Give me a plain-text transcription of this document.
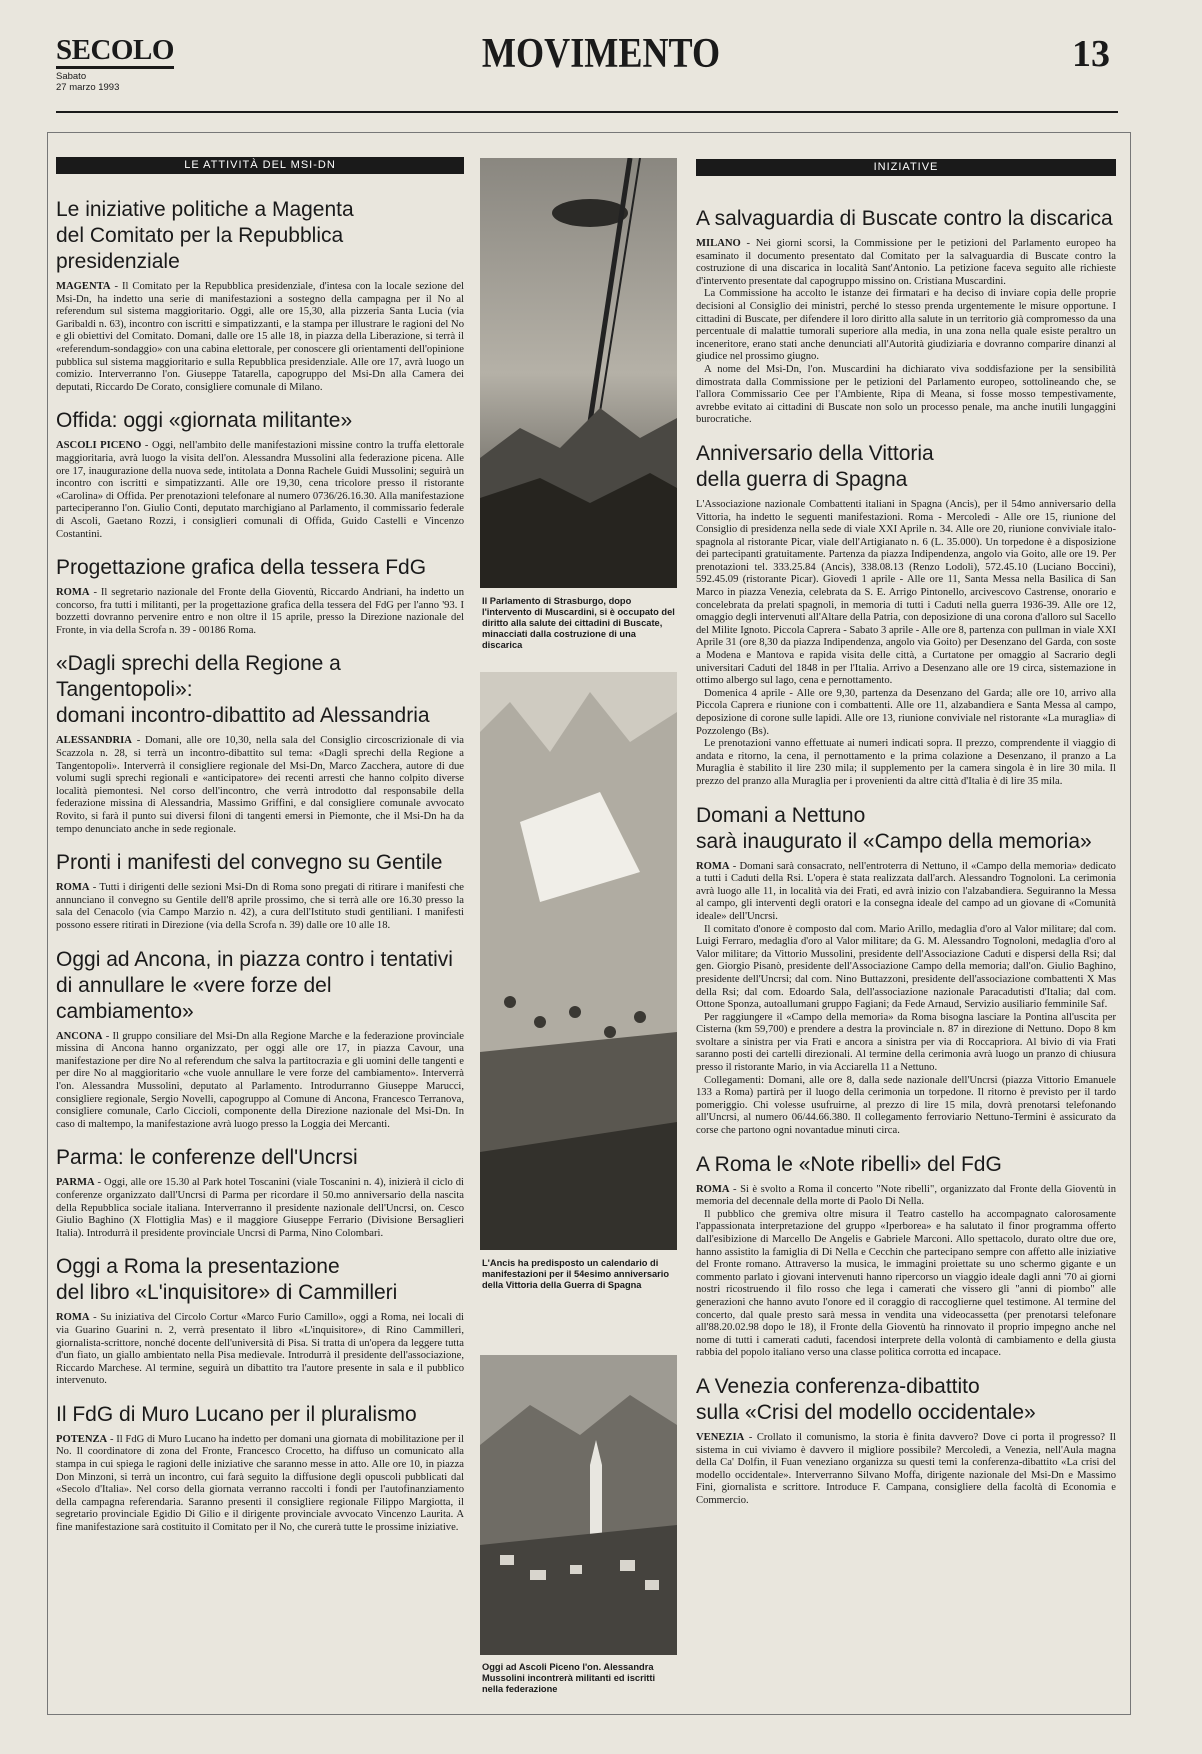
SECOLO
Sabato
27 marzo 1993
MOVIMENTO	13
LE ATTIVITÀ DEL MSI-DN
Le iniziative politiche a Magenta
del Comitato per la Repubblica presidenziale

MAGENTA - Il Comitato per la Repubblica presidenziale, d'intesa con la locale sezione del Msi-Dn, ha indetto una serie di manifestazioni a sostegno della campagna per il No al referendum sul sistema maggioritario. Oggi, alle ore 15,30, alla pizzeria Santa Lucia (via Garibaldi n. 63), incontro con iscritti e simpatizzanti, e la stampa per illustrare le ragioni del No e gli obiettivi del Comitato. Domani, dalle ore 15 alle 18, in piazza della Liberazione, si terrà il «referendum-sondaggio» con una cabina elettorale, per conoscere gli orientamenti dell'opinione pubblica sul sistema maggioritario e sulla Repubblica presidenziale. Alle ore 17, avrà luogo un comizio. Interverranno l'on. Giuseppe Tatarella, capogruppo del Msi-Dn alla Camera dei deputati, Riccardo De Corato, consigliere comunale di Milano.

Offida: oggi «giornata militante»

ASCOLI PICENO - Oggi, nell'ambito delle manifestazioni missine contro la truffa elettorale maggioritaria, avrà luogo la visita dell'on. Alessandra Mussolini alla federazione picena. Alle ore 17, inaugurazione della nuova sede, intitolata a Donna Rachele Guidi Mussolini; seguirà un incontro con iscritti e simpatizzanti. Alle ore 19,30, cena tricolore presso il ristorante «Carolina» di Offida. Per prenotazioni telefonare al numero 0736/26.16.30. Alla manifestazione parteciperanno l'on. Giulio Conti, deputato marchigiano al Parlamento, il commissario federale di Ascoli, Gaetano Rozzi, i consiglieri comunali di Offida, Guido Castelli e Vincenzo Costantini.

Progettazione grafica della tessera FdG

ROMA - Il segretario nazionale del Fronte della Gioventù, Riccardo Andriani, ha indetto un concorso, fra tutti i militanti, per la progettazione grafica della tessera del FdG per l'anno '93. I bozzetti dovranno pervenire entro e non oltre il 15 aprile, presso la Direzione nazionale del Fronte, in via della Scrofa n. 39 - 00186 Roma.

«Dagli sprechi della Regione a Tangentopoli»:
domani incontro-dibattito ad Alessandria

ALESSANDRIA - Domani, alle ore 10,30, nella sala del Consiglio circoscrizionale di via Scazzola n. 28, si terrà un incontro-dibattito sul tema: «Dagli sprechi della Regione a Tangentopoli». Interverrà il consigliere regionale del Msi-Dn, Marco Zacchera, autore di due volumi sugli sprechi regionali e «anticipatore» dei recenti arresti che hanno colpito diverse località piemontesi. Nel corso dell'incontro, che verrà introdotto dal responsabile della federazione missina di Alessandria, Massimo Griffini, e dal consigliere comunale avvocato Rovito, si farà il punto sui diversi filoni di tangenti emersi in Piemonte, che il Msi-Dn ha da tempo denunciato anche in sede regionale.

Pronti i manifesti del convegno su Gentile

ROMA - Tutti i dirigenti delle sezioni Msi-Dn di Roma sono pregati di ritirare i manifesti che annunciano il convegno su Gentile dell'8 aprile prossimo, che si terrà alle ore 16.30 presso la sala del Cenacolo (via Campo Marzio n. 42), a cura dell'Istituto studi gentiliani. I manifesti possono essere ritirati in Direzione (via della Scrofa n. 39) dalle ore 10 alle 18.

Oggi ad Ancona, in piazza contro i tentativi
di annullare le «vere forze del cambiamento»

ANCONA - Il gruppo consiliare del Msi-Dn alla Regione Marche e la federazione provinciale missina di Ancona hanno organizzato, per oggi alle ore 17, in piazza Cavour, una manifestazione per dire No al referendum che salva la partitocrazia e gli uomini delle tangenti e per dire No al maggioritario «che vuole annullare le vere forze del cambiamento». Interverrà l'on. Alessandra Mussolini, deputato al Parlamento. Introdurranno Giuseppe Marucci, consigliere regionale, Sergio Novelli, capogruppo al Comune di Ancona, Francesco Terranova, consigliere comunale, Carlo Ciccioli, componente della Direzione nazionale del Msi-Dn. In caso di maltempo, la manifestazione avrà luogo presso la Loggia dei Mercanti.

Parma: le conferenze dell'Uncrsi

PARMA - Oggi, alle ore 15.30 al Park hotel Toscanini (viale Toscanini n. 4), inizierà il ciclo di conferenze organizzato dall'Uncrsi di Parma per ricordare il 50.mo anniversario della nascita della Repubblica sociale italiana. Interverranno il presidente nazionale dell'Uncrsi, on. Cesco Giulio Baghino (X Flottiglia Mas) e il maggiore Giuseppe Ferrario (Divisione Bersaglieri Italia). Introdurrà il presidente provinciale Uncrsi di Parma, Nino Colombari.

Oggi a Roma la presentazione
del libro «L'inquisitore» di Cammilleri

ROMA - Su iniziativa del Circolo Cortur «Marco Furio Camillo», oggi a Roma, nei locali di via Guarino Guarini n. 2, verrà presentato il libro «L'inquisitore», di Rino Cammilleri, giornalista-scrittore, nonché docente dell'università di Pisa. Si tratta di un'opera da leggere tutta d'un fiato, un giallo ambientato nella Pisa medievale. Introdurrà il presidente dell'associazione, Riccardo Marchese. Al termine, seguirà un dibattito tra l'autore presente in sala e il pubblico intervenuto.

Il FdG di Muro Lucano per il pluralismo

POTENZA - Il FdG di Muro Lucano ha indetto per domani una giornata di mobilitazione per il No. Il coordinatore di zona del Fronte, Francesco Crocetto, ha diffuso un comunicato alla stampa in cui spiega le ragioni delle iniziative che saranno messe in atto. Alle ore 10, in piazza Don Minzoni, si terrà un incontro, cui farà seguito la diffusione degli opuscoli pubblicati dal «Secolo d'Italia». Nel corso della giornata verranno raccolti i fondi per l'autofinanziamento della campagna referendaria. Saranno presenti il consigliere regionale Filippo Margiotta, il segretario provinciale Egidio Di Gilio e il dirigente provinciale avvocato Vincenzo Laurita. A fine manifestazione sarà costituito il Comitato per il No, che curerà tutte le prossime iniziative.

Il Parlamento di Strasburgo, dopo l'intervento di Muscardini, si è occupato del diritto alla salute dei cittadini di Buscate, minacciati dalla costruzione di una discarica
L'Ancis ha predisposto un calendario di manifestazioni per il 54esimo anniversario della Vittoria della Guerra di Spagna
Oggi ad Ascoli Piceno l'on. Alessandra Mussolini incontrerà militanti ed iscritti nella federazione
INIZIATIVE
A salvaguardia di Buscate contro la discarica

MILANO - Nei giorni scorsi, la Commissione per le petizioni del Parlamento europeo ha esaminato il documento presentato dal Comitato per la salvaguardia di Buscate contro la costruzione di una discarica in località Sant'Antonio. La petizione faceva seguito alle richieste d'intervento presentate dal capogruppo missino on. Cristiana Muscardini.

La Commissione ha accolto le istanze dei firmatari e ha deciso di inviare copia delle proprie decisioni al Consiglio dei ministri, perché lo stesso prenda urgentemente le misure opportune. I cittadini di Buscate, per difendere il loro diritto alla salute in un territorio già compromesso da una percentuale di malattie tumorali superiore alla media, in una zona nella quale esiste peraltro un inceneritore, erano stati anche denunciati all'Autorità giudiziaria e dovranno comparire dinanzi al giudice nel prossimo giugno.

A nome del Msi-Dn, l'on. Muscardini ha dichiarato viva soddisfazione per la sensibilità dimostrata dalla Commissione per le petizioni del Parlamento europeo, sottolineando che, se l'allora Commissario Cee per l'Ambiente, Ripa di Meana, si fosse mosso tempestivamente, avrebbe evitato ai cittadini di Buscate non solo un processo penale, ma anche inutili lungaggini burocratiche.

Anniversario della Vittoria
della guerra di Spagna

L'Associazione nazionale Combattenti italiani in Spagna (Ancis), per il 54mo anniversario della Vittoria, ha indetto le seguenti manifestazioni. Roma - Mercoledì - Alle ore 15, riunione del Consiglio di presidenza nella sede di viale XXI Aprile n. 34. Alle ore 20, riunione conviviale italo-spagnola al ristorante Picar, viale dell'Artigianato n. 6 (L. 35.000). Un torpedone è a disposizione dei partecipanti gratuitamente. Partenza da piazza Indipendenza, angolo via Goito, alle ore 19. Per prenotazioni tel. 333.25.84 (Ancis), 338.08.13 (Renzo Lodoli), 572.45.10 (Luciano Boccini), 592.45.09 (ristorante Picar). Giovedì 1 aprile - Alle ore 11, Santa Messa nella Basilica di San Marco in piazza Venezia, celebrata da S. E. Arrigo Pintonello, arcivescovo Castrense, onorario e concelebrata da prelati spagnoli, in memoria di tutti i Caduti nella guerra 1936-39. Alle ore 12, omaggio degli intervenuti all'Altare della Patria, con deposizione di una corona d'alloro sul Sacello del Milite Ignoto. Piccola Caprera - Sabato 3 aprile - Alle ore 8, partenza con pullman in viale XXI Aprile 31 (ore 8,30 da piazza Indipendenza, angolo via Goito) per Desenzano del Garda, con soste a Modena e Mantova e rapida visita delle città, a Curtatone per omaggio al Sacrario degli universitari Caduti del 1848 in per l'Italia. Arrivo a Desenzano alle ore 19 circa, sistemazione in ottimo albergo sul lago, cena e pernottamento.

Domenica 4 aprile - Alle ore 9,30, partenza da Desenzano del Garda; alle ore 10, arrivo alla Piccola Caprera e riunione con i combattenti. Alle ore 11, alzabandiera e Santa Messa al campo, deposizione di corone sulle lapidi. Alle ore 13, riunione conviviale nel ristorante «La muraglia» di Pozzolengo (Bs).

Le prenotazioni vanno effettuate ai numeri indicati sopra. Il prezzo, comprendente il viaggio di andata e ritorno, la cena, il pernottamento e la prima colazione a Desenzano, il pranzo a La Muraglia è stabilito il lire 230 mila; il supplemento per la camera singola è in lire 30 mila. Il prezzo del pranzo alla Muraglia per i provenienti da altre città d'Italia è di lire 35 mila.

Domani a Nettuno
sarà inaugurato il «Campo della memoria»

ROMA - Domani sarà consacrato, nell'entroterra di Nettuno, il «Campo della memoria» dedicato a tutti i Caduti della Rsi. L'opera è stata realizzata dall'arch. Alessandro Tognoloni. La cerimonia avrà luogo alle 11, in località via dei Frati, ed avrà inizio con l'alzabandiera. Seguiranno la Messa al campo, gli interventi degli oratori e la consegna ideale del campo ad un giovane di «Comunità ideale» dell'Uncrsi.

Il comitato d'onore è composto dal com. Mario Arillo, medaglia d'oro al Valor militare; dal com. Luigi Ferraro, medaglia d'oro al Valor militare; da G. M. Alessandro Tognoloni, medaglia d'oro al Valor militare; da Vittorio Mussolini, presidente dell'Associazione Caduti e dispersi della Rsi; dal gen. Giorgio Pisanò, presidente dell'Associazione Campo della memoria; dall'on. Giulio Baghino, presidente dell'Uncrsi; dal com. Nino Buttazzoni, presidente dell'associazione combattenti X Mas della Rsi; dal com. Edoardo Sala, dell'associazione nazionale Paracadutisti d'Italia; dal com. Ottone Sponza, autoallumani gruppo Fagiani; da Fede Arnaud, Servizio ausiliario femminile Saf.

Per raggiungere il «Campo della memoria» da Roma bisogna lasciare la Pontina all'uscita per Cisterna (km 59,700) e prendere a destra la provinciale n. 87 in direzione di Nettuno. Dopo 8 km svoltare a sinistra per via Frati e ancora a sinistra per via di Roccapriora. Al bivio di via Frati saranno posti dei cartelli direzionali. Al termine della cerimonia avrà luogo un pranzo di chiusura presso il ristorante Mario, in via Acciarella 11 a Nettuno.

Collegamenti: Domani, alle ore 8, dalla sede nazionale dell'Uncrsi (piazza Vittorio Emanuele 133 a Roma) partirà per il luogo della cerimonia un torpedone. Il ritorno è previsto per il tardo pomeriggio. Chi volesse usufruirne, al prezzo di lire 15 mila, dovrà prenotarsi telefonando all'Uncrsi, al numero 06/44.66.380. Il collegamento ferroviario Nettuno-Termini è assicurato da corse che partono ogni novantadue minuti circa.

A Roma le «Note ribelli» del FdG

ROMA - Si è svolto a Roma il concerto "Note ribelli", organizzato dal Fronte della Gioventù in memoria del decennale della morte di Paolo Di Nella.

Il pubblico che gremiva oltre misura il Teatro castello ha accompagnato calorosamente l'appassionata interpretazione del gruppo «Iperborea» e ha salutato il finor programma offerto dall'esibizione di Marcello De Angelis e Gabriele Marconi. Allo spettacolo, durato oltre due ore, hanno assistito la famiglia di Di Nella e Cecchin che partecipano sempre con affetto alle iniziative del Fronte romano. Attraverso la musica, le immagini proiettate su uno schermo gigante e un commento parlato i giovani intervenuti hanno ripercorso un viaggio ideale dagli anni '70 ai giorni nostri ricostruendo il filo rosso che lega i camerati che vissero gli "anni di piombo" alle generazioni che hanno avuto l'onore ed il coraggio di raccoglierne quel testimone. Al termine del concerto, dal quale presto sarà messa in vendita una videocassetta (per prenotarsi telefonare all'88.20.02.98 dopo le 18), il Fronte della Gioventù ha rinnovato il proprio impegno anche nel nome di tutti i camerati caduti, facendosi interprete della volontà di cambiamento e della giusta rabbia del popolo italiano verso una classe politica corrotta ed incapace.

A Venezia conferenza-dibattito
sulla «Crisi del modello occidentale»

VENEZIA - Crollato il comunismo, la storia è finita davvero? Dove ci porta il progresso? Il sistema in cui viviamo è davvero il migliore possibile? Mercoledì, a Venezia, nell'Aula magna della Ca' Dolfin, il Fuan veneziano organizza su questi temi la conferenza-dibattito «La crisi del modello occidentale». Interverranno Silvano Moffa, dirigente nazionale del Msi-Dn e Massimo Fini, giornalista e scrittore. Introduce F. Campana, consigliere della facoltà di Economia e Commercio.
